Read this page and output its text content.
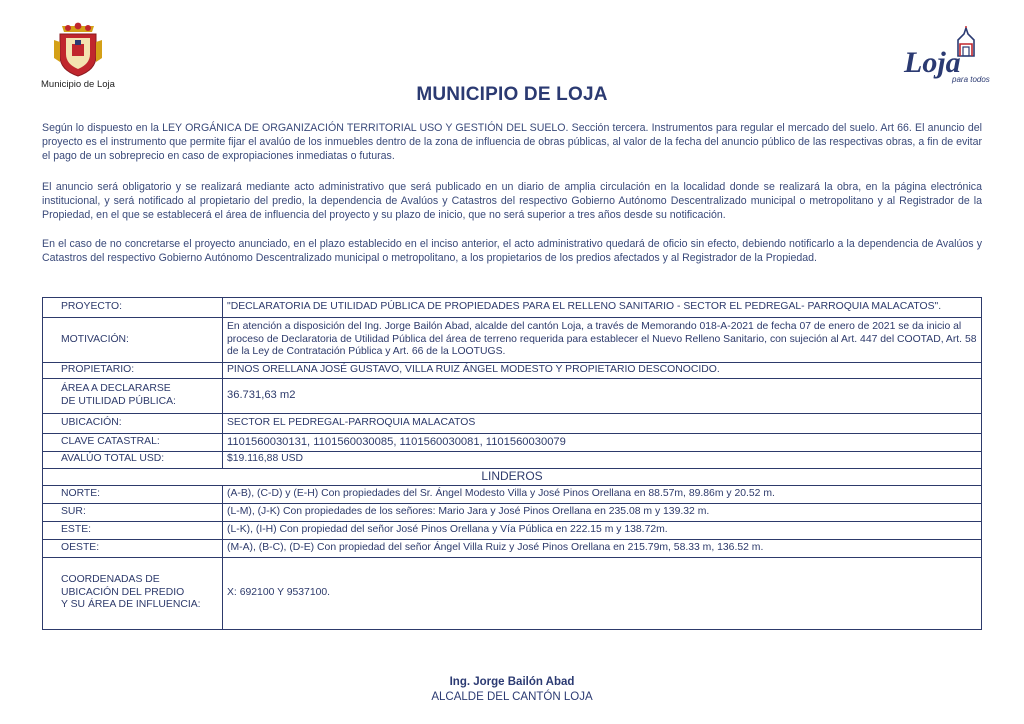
Municipio de Loja
Loja
para todos
MUNICIPIO DE LOJA

Según lo dispuesto en la LEY ORGÁNICA DE ORGANIZACIÓN TERRITORIAL USO Y GESTIÓN DEL SUELO. Sección tercera. Instrumentos para regular el mercado del suelo. Art 66. El anuncio del proyecto es el instrumento que permite fijar el avalúo de los inmuebles dentro de la zona de influencia de obras públicas, al valor de la fecha del anuncio público de las respectivas obras, a fin de evitar el pago de un sobreprecio en caso de expropiaciones inmediatas o futuras.

El anuncio será obligatorio y se realizará mediante acto administrativo que será publicado en un diario de amplia circulación en la localidad donde se realizará la obra, en la página electrónica institucional, y será notificado al propietario del predio, la dependencia de Avalúos y Catastros del respectivo Gobierno Autónomo Descentralizado municipal o metropolitano y al Registrador de la Propiedad, en el que se establecerá el área de influencia del proyecto y su plazo de inicio, que no será superior a tres años desde su notificación.

En el caso de no concretarse el proyecto anunciado, en el plazo establecido en el inciso anterior, el acto administrativo quedará de oficio sin efecto, debiendo notificarlo a la dependencia de Avalúos y Catastros del respectivo Gobierno Autónomo Descentralizado municipal o metropolitano, a los propietarios de los predios afectados y al Registrador de la Propiedad.

PROYECTO:	"DECLARATORIA DE UTILIDAD PÚBLICA DE PROPIEDADES PARA EL RELLENO SANITARIO - SECTOR EL PEDREGAL- PARROQUIA MALACATOS".
MOTIVACIÓN:	En atención a disposición del Ing. Jorge Bailón Abad, alcalde del cantón Loja, a través de Memorando 018-A-2021 de fecha 07 de enero de 2021 se da inicio al proceso de Declaratoria de Utilidad Pública del área de terreno requerida para establecer el Nuevo Relleno Sanitario, con sujeción al Art. 447 del COOTAD, Art. 58 de la Ley de Contratación Pública y Art. 66 de la LOOTUGS.
PROPIETARIO:	PINOS ORELLANA JOSÉ GUSTAVO, VILLA RUIZ ÁNGEL MODESTO Y PROPIETARIO DESCONOCIDO.

ÁREA A DECLARARSE
DE UTILIDAD PÚBLICA:	36.731,63 m2
UBICACIÓN:	SECTOR EL PEDREGAL-PARROQUIA MALACATOS
CLAVE CATASTRAL:	1101560030131, 1101560030085, 1101560030081, 1101560030079
AVALÚO TOTAL USD:	$19.116,88 USD
LINDEROS	
NORTE:	(A-B), (C-D) y (E-H) Con propiedades del Sr. Ángel Modesto Villa y José Pinos Orellana en 88.57m, 89.86m y 20.52 m.
SUR:	(L-M), (J-K) Con propiedades de los señores: Mario Jara y José Pinos Orellana en 235.08 m y 139.32 m.
ESTE:	(L-K), (I-H) Con propiedad del señor José Pinos Orellana y Vía Pública en 222.15 m y 138.72m.
OESTE:	(M-A), (B-C), (D-E) Con propiedad del señor Ángel Villa Ruiz y José Pinos Orellana en 215.79m, 58.33 m, 136.52 m.

COORDENADAS DE
UBICACIÓN DEL PREDIO
Y SU ÁREA DE INFLUENCIA:	X: 692100 Y 9537100.
Ing. Jorge Bailón Abad
ALCALDE DEL CANTÓN LOJA
